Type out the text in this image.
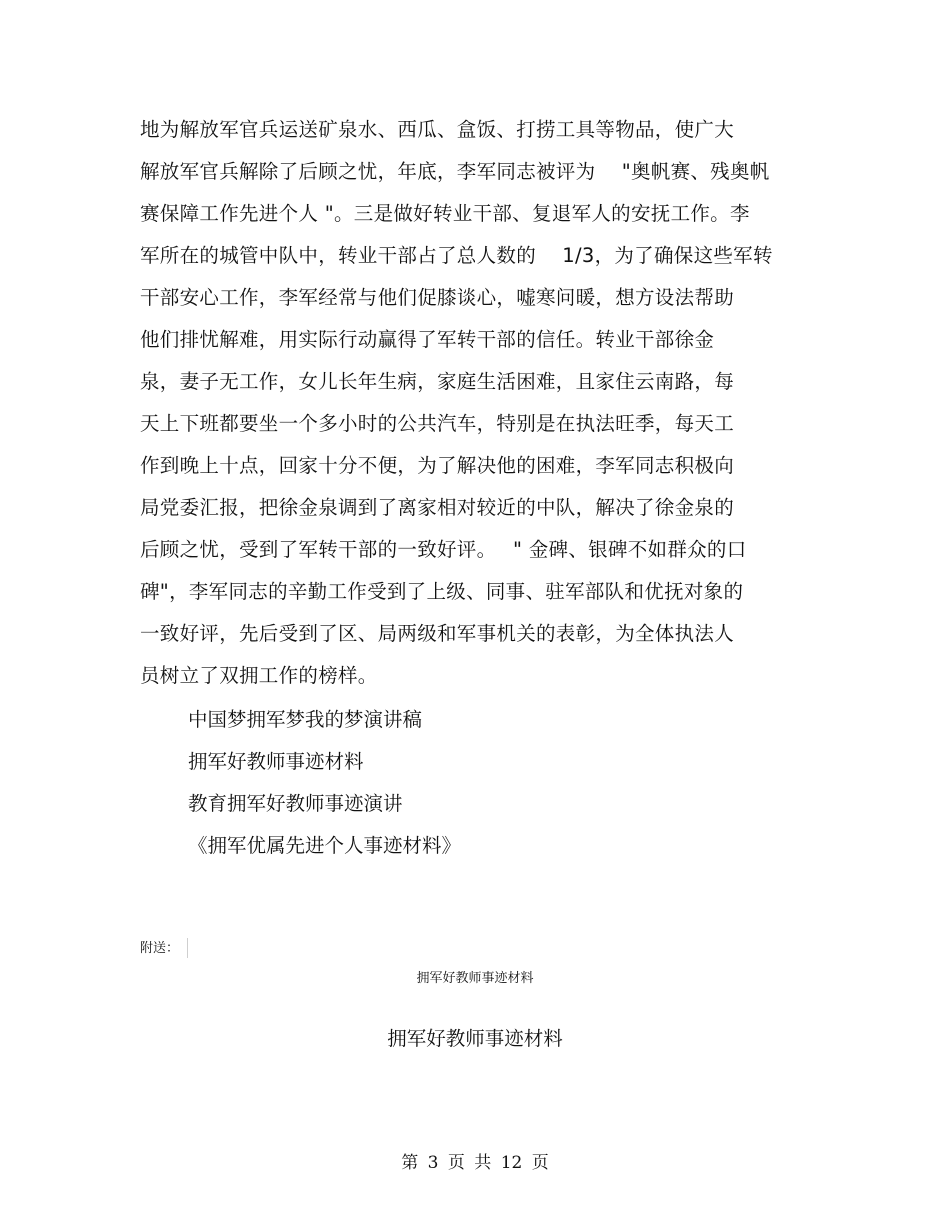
地为解放军官兵运送矿泉水、西瓜、盒饭、打捞工具等物品，使广大
解放军官兵解除了后顾之忧，年底，李军同志被评为　 "奥帆赛、残奥帆
赛保障工作先进个人 "。三是做好转业干部、复退军人的安抚工作。李
军所在的城管中队中，转业干部占了总人数的　 1/3，为了确保这些军转
干部安心工作，李军经常与他们促膝谈心，嘘寒问暖，想方设法帮助
他们排忧解难，用实际行动赢得了军转干部的信任。转业干部徐金
泉，妻子无工作，女儿长年生病，家庭生活困难，且家住云南路，每
天上下班都要坐一个多小时的公共汽车，特别是在执法旺季，每天工
作到晚上十点，回家十分不便，为了解决他的困难，李军同志积极向
局党委汇报，把徐金泉调到了离家相对较近的中队，解决了徐金泉的
后顾之忧，受到了军转干部的一致好评。　 " 金碑、银碑不如群众的口
碑"，李军同志的辛勤工作受到了上级、同事、驻军部队和优抚对象的
一致好评，先后受到了区、局两级和军事机关的表彰，为全体执法人
员树立了双拥工作的榜样。
中国梦拥军梦我的梦演讲稿
拥军好教师事迹材料
教育拥军好教师事迹演讲
《拥军优属先进个人事迹材料》
附送：
拥军好教师事迹材料
拥军好教师事迹材料
第 3 页 共 12 页
